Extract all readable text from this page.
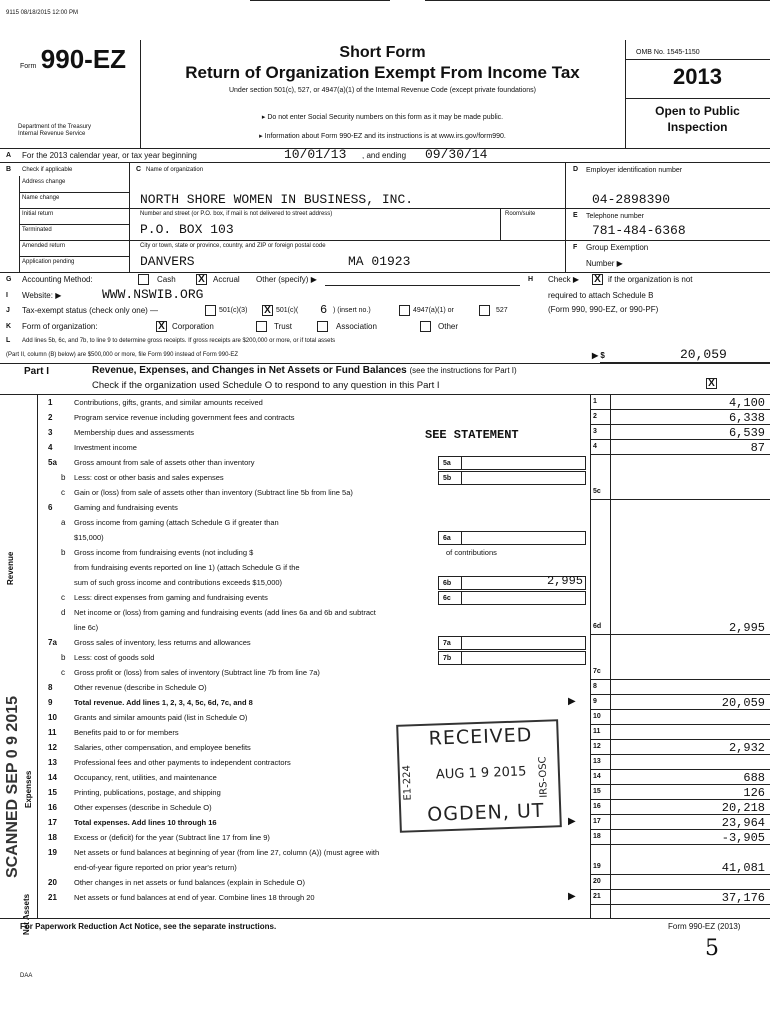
9115 08/18/2015 12:00 PM
Form 990-EZ
Department of the Treasury
Internal Revenue Service
Short Form
Return of Organization Exempt From Income Tax
Under section 501(c), 527, or 4947(a)(1) of the Internal Revenue Code (except private foundations)
▸ Do not enter Social Security numbers on this form as it may be made public.
▸ Information about Form 990-EZ and its instructions is at www.irs.gov/form990.
OMB No. 1545-1150
2013
Open to Public
Inspection
A For the 2013 calendar year, or tax year beginning	10/01/13 , and ending 09/30/14
B Check if applicable
Address change
Name change
Initial return
Terminated
Amended return
Application pending
C Name of organization
NORTH SHORE WOMEN IN BUSINESS, INC.
Number and street (or P.O. box, if mail is not delivered to street address)	Room/suite
P.O. BOX 103
City or town, state or province, country, and ZIP or foreign postal code
DANVERS	MA 01923
D Employer identification number
04-2898390
E Telephone number
781-484-6368
F Group Exemption
Number ▶
G Accounting Method:	Cash X Accrual Other (specify) ▶	H Check ▶ X if the organization is not
required to attach Schedule B
(Form 990, 990-EZ, or 990-PF)
I Website: ▶	WWW.NSWIB.ORG
J Tax-exempt status (check only one) —	501(c)(3) X 501(c)( 6 ) (insert no.)	4947(a)(1) or	527
K Form of organization:	X Corporation	Trust	Association	Other
L Add lines 5b, 6c, and 7b, to line 9 to determine gross receipts. If gross receipts are $200,000 or more, or if total assets
(Part II, column (B) below) are $500,000 or more, file Form 990 instead of Form 990-EZ	▶ $	20,059
Part I	Revenue, Expenses, and Changes in Net Assets or Fund Balances (see the instructions for Part I)
Check if the organization used Schedule O to respond to any question in this Part I	X
Revenue
Expenses
Net Assets
1	Contributions, gifts, grants, and similar amounts received	1	4,100
2	Program service revenue including government fees and contracts	2	6,338
3	Membership dues and assessments	3	6,539
4	Investment income	4	87
5a Gross amount from sale of assets other than inventory	5a
b Less: cost or other basis and sales expenses	5b
c Gain or (loss) from sale of assets other than inventory (Subtract line 5b from line 5a)	5c
6	Gaming and fundraising events
a Gross income from gaming (attach Schedule G if greater than
$15,000)	6a
b Gross income from fundraising events (not including $	of contributions
from fundraising events reported on line 1) (attach Schedule G if the
sum of such gross income and contributions exceeds $15,000)	6b	2,995
c Less: direct expenses from gaming and fundraising events	6c
d Net income or (loss) from gaming and fundraising events (add lines 6a and 6b and subtract
line 6c)	6d	2,995
7a Gross sales of inventory, less returns and allowances	7a
b Less: cost of goods sold	7b
c Gross profit or (loss) from sales of inventory (Subtract line 7b from line 7a)	7c
8	Other revenue (describe in Schedule O)	8
9	Total revenue. Add lines 1, 2, 3, 4, 5c, 6d, 7c, and 8	9	20,059
▶
10 Grants and similar amounts paid (list in Schedule O)	10
11 Benefits paid to or for members	11
12 Salaries, other compensation, and employee benefits	12	2,932
13 Professional fees and other payments to independent contractors	13
14 Occupancy, rent, utilities, and maintenance	14	688
15 Printing, publications, postage, and shipping	15	126
16 Other expenses (describe in Schedule O)	16	20,218
17 Total expenses. Add lines 10 through 16	17	23,964
▶
18 Excess or (deficit) for the year (Subtract line 17 from line 9)	18	-3,905
19 Net assets or fund balances at beginning of year (from line 27, column (A)) (must agree with
end-of-year figure reported on prior year's return)	19	41,081
20 Other changes in net assets or fund balances (explain in Schedule O)	20
21 Net assets or fund balances at end of year. Combine lines 18 through 20	21	37,176
▶
SEE STATEMENT
RECEIVED
AUG 1 9 2015
OGDEN, UT
E1-224	IRS-OSC
SCANNED SEP 0 9 2015
For Paperwork Reduction Act Notice, see the separate instructions.	Form 990-EZ (2013)
5
DAA
